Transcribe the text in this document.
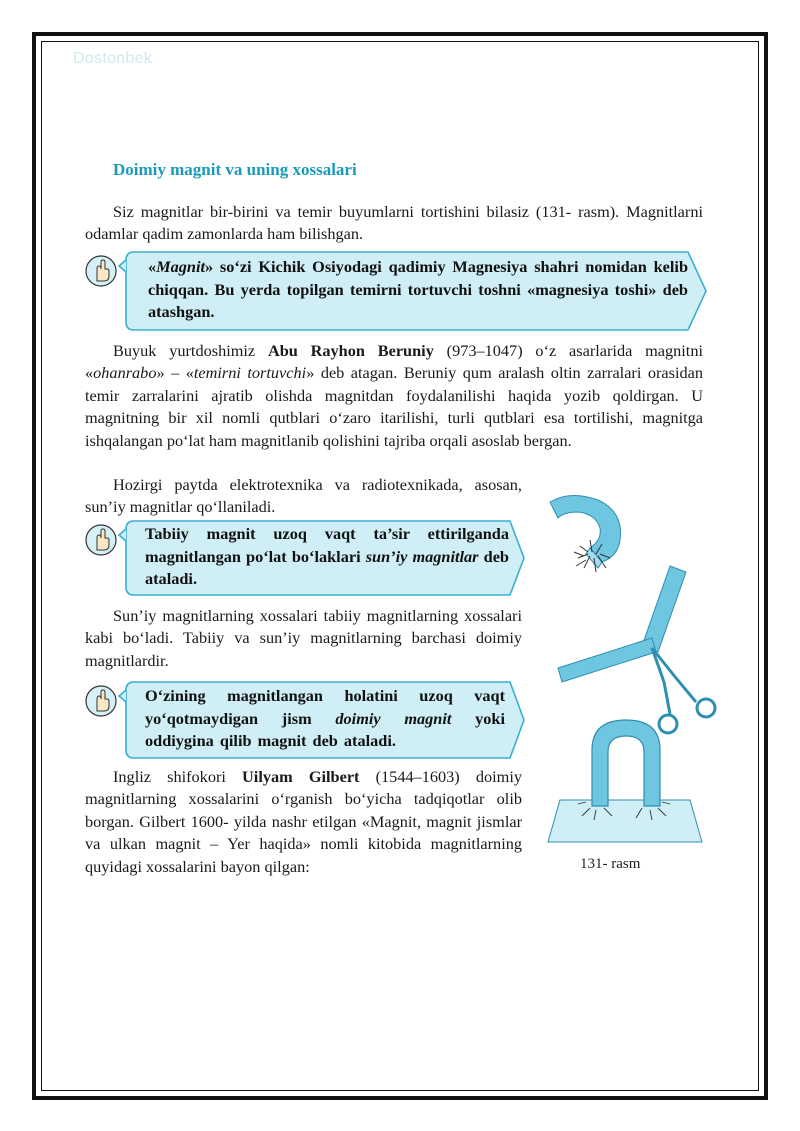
Dostonbek
Doimiy magnit va uning xossalari

Siz magnitlar bir-birini va temir buyumlarni tortishini bilasiz (131- rasm). Magnitlarni odamlar qadim zamonlarda ham bilishgan.

«Magnit» so‘zi Kichik Osiyodagi qadimiy Magnesiya shahri nomidan kelib chiqqan. Bu yerda topilgan temirni tortuvchi toshni «magnesiya toshi» deb atashgan.

Buyuk yurtdoshimiz Abu Rayhon Beruniy (973–1047) o‘z asarlarida magnitni «ohanrabo» – «temirni tortuvchi» deb atagan. Beruniy qum aralash oltin zarralari orasidan temir zarralarini ajratib olishda magnitdan foydalanilishi haqida yozib qoldirgan. U magnitning bir xil nomli qutblari o‘zaro itarilishi, turli qutblari esa tortilishi, magnitga ishqalangan po‘lat ham magnitlanib qolishini tajriba orqali asoslab bergan.

Hozirgi paytda elektrotexnika va radiotexnikada, asosan, sun’iy magnitlar qo‘llaniladi.

Tabiiy magnit uzoq vaqt ta’sir ettirilganda magnitlangan po‘lat bo‘laklari sun’iy magnitlar deb ataladi.

Sun’iy magnitlarning xossalari tabiiy magnitlarning xossalari kabi bo‘ladi. Tabiiy va sun’iy magnitlarning barchasi doimiy magnitlardir.

O‘zining magnitlangan holatini uzoq vaqt yo‘qotmaydigan jism doimiy magnit yoki oddiygina qilib magnit deb ataladi.

Ingliz shifokori Uilyam Gilbert (1544–1603) doimiy magnitlarning xossalarini o‘rganish bo‘yicha tadqiqotlar olib borgan. Gilbert 1600- yilda nashr etilgan «Magnit, magnit jismlar va ulkan magnit – Yer haqida» nomli kitobida magnitlarning quyidagi xossalarini bayon qilgan:	131- rasm
